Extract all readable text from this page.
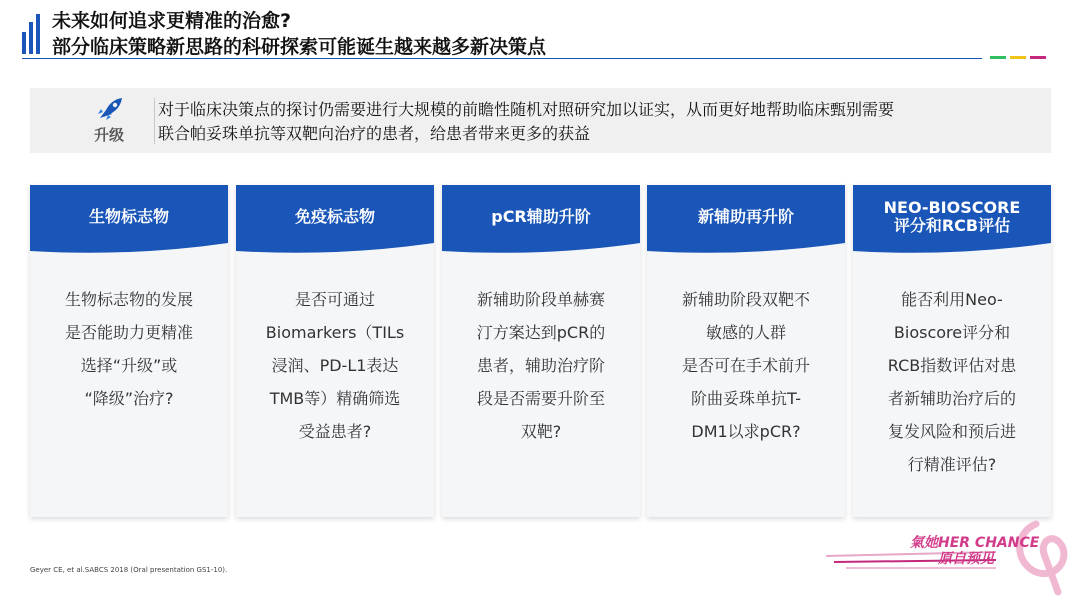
未来如何追求更精准的治愈?
部分临床策略新思路的科研探索可能诞生越来越多新决策点
升级
对于临床决策点的探讨仍需要进行大规模的前瞻性随机对照研究加以证实，从而更好地帮助临床甄别需要
联合帕妥珠单抗等双靶向治疗的患者，给患者带来更多的获益
生物标志物
生物标志物的发展
是否能助力更精准
选择“升级”或
“降级”治疗?
免疫标志物
是否可通过
Biomarkers（TILs
浸润、PD-L1表达
TMB等）精确筛选
受益患者?
pCR辅助升阶
新辅助阶段单赫赛
汀方案达到pCR的
患者，辅助治疗阶
段是否需要升阶至
双靶?
新辅助再升阶
新辅助阶段双靶不
敏感的人群
是否可在手术前升
阶曲妥珠单抗T-
DM1以求pCR?
NEO-BIOSCORE
评分和RCB评估
能否利用Neo-
Bioscore评分和
RCB指数评估对患
者新辅助治疗后的
复发风险和预后进
行精准评估?
Geyer CE, et al.SABCS 2018 (Oral presentation GS1-10).
氣她HER CHANCE
原自预见
